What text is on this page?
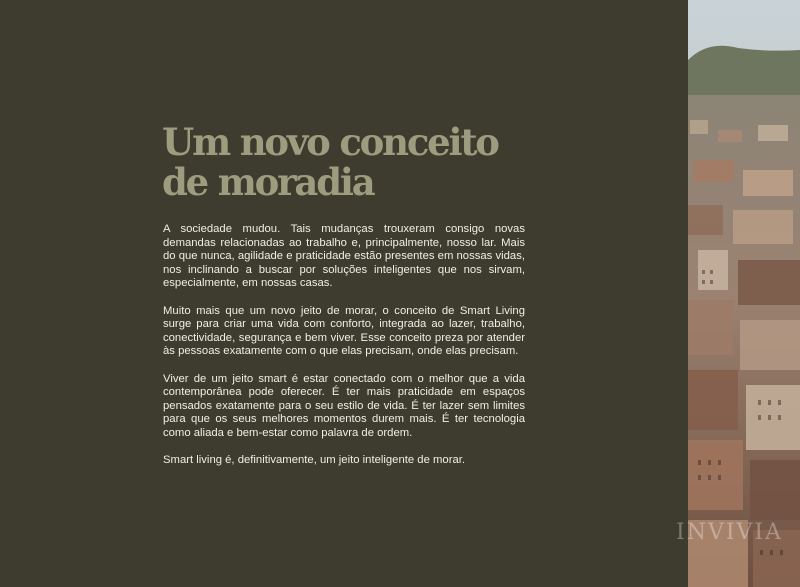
Um novo conceito
de moradia

A sociedade mudou. Tais mudanças trouxeram consigo novas demandas relacionadas ao trabalho e, principalmente, nosso lar. Mais do que nunca, agilidade e praticidade estão presentes em nossas vidas, nos inclinando a buscar por soluções inteligentes que nos sirvam, especialmente, em nossas casas.

Muito mais que um novo jeito de morar, o conceito de Smart Living surge para criar uma vida com conforto, integrada ao lazer, trabalho, conectividade, segurança e bem viver. Esse conceito preza por atender às pessoas exatamente com o que elas precisam, onde elas precisam.

Viver de um jeito smart é estar conectado com o melhor que a vida contemporânea pode oferecer. É ter mais praticidade em espaços pensados exatamente para o seu estilo de vida. É ter lazer sem limites para que os seus melhores momentos durem mais. É ter tecnologia como aliada e bem-estar como palavra de ordem.

Smart living é, definitivamente, um jeito inteligente de morar.

INVIVIA
